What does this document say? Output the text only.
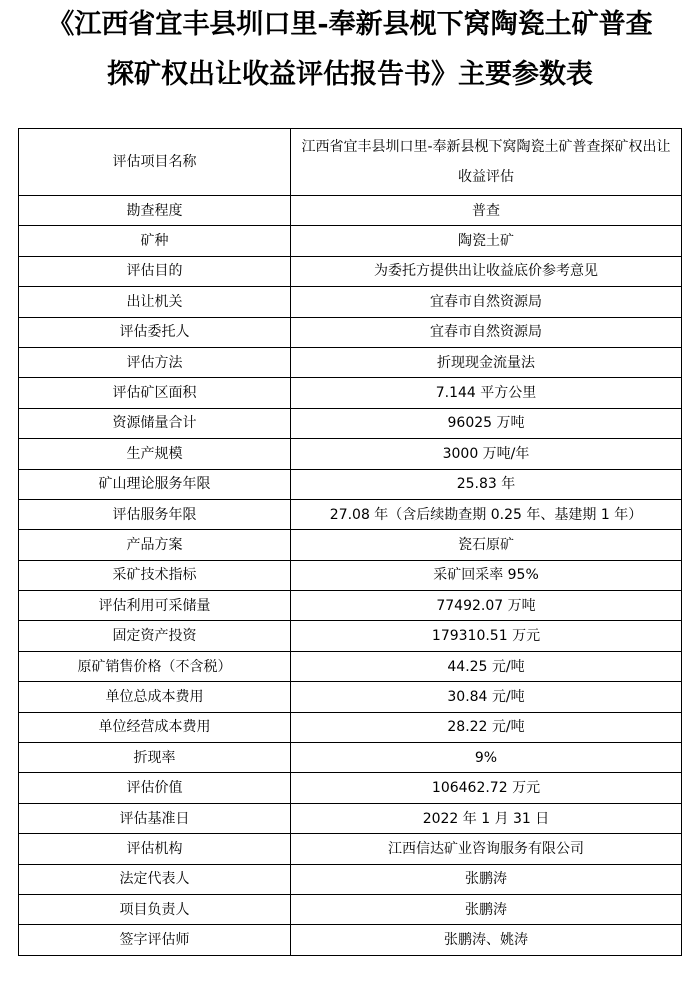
《江西省宜丰县圳口里-奉新县枧下窝陶瓷土矿普查
探矿权出让收益评估报告书》主要参数表
评估项目名称	江西省宜丰县圳口里-奉新县枧下窝陶瓷土矿普查探矿权出让收益评估
勘查程度	普查
矿种	陶瓷土矿
评估目的	为委托方提供出让收益底价参考意见
出让机关	宜春市自然资源局
评估委托人	宜春市自然资源局
评估方法	折现现金流量法
评估矿区面积	7.144 平方公里
资源储量合计	96025 万吨
生产规模	3000 万吨/年
矿山理论服务年限	25.83 年
评估服务年限	27.08 年（含后续勘查期 0.25 年、基建期 1 年）
产品方案	瓷石原矿
采矿技术指标	采矿回采率 95%
评估利用可采储量	77492.07 万吨
固定资产投资	179310.51 万元
原矿销售价格（不含税）	44.25 元/吨
单位总成本费用	30.84 元/吨
单位经营成本费用	28.22 元/吨
折现率	9%
评估价值	106462.72 万元
评估基准日	2022 年 1 月 31 日
评估机构	江西信达矿业咨询服务有限公司
法定代表人	张鹏涛
项目负责人	张鹏涛
签字评估师	张鹏涛、姚涛
